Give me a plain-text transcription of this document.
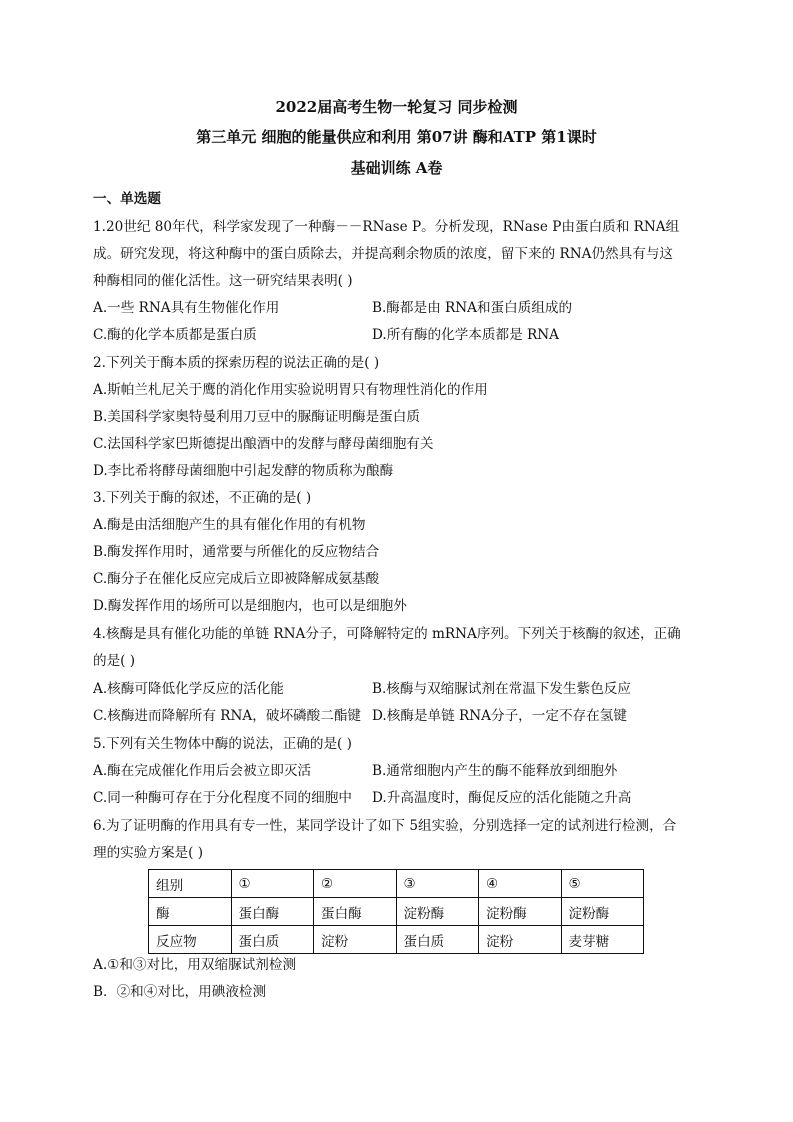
2022届高考生物一轮复习 同步检测
第三单元 细胞的能量供应和利用 第07讲 酶和ATP 第1课时
基础训练 A卷
一、单选题
1.20世纪 80年代，科学家发现了一种酶－－RNase P。分析发现，RNase P由蛋白质和 RNA组
成。研究发现，将这种酶中的蛋白质除去，并提高剩余物质的浓度，留下来的 RNA仍然具有与这
种酶相同的催化活性。这一研究结果表明( )
A.一些 RNA具有生物催化作用	B.酶都是由 RNA和蛋白质组成的
C.酶的化学本质都是蛋白质	D.所有酶的化学本质都是 RNA
2.下列关于酶本质的探索历程的说法正确的是( )
A.斯帕兰札尼关于鹰的消化作用实验说明胃只有物理性消化的作用
B.美国科学家奥特曼利用刀豆中的脲酶证明酶是蛋白质
C.法国科学家巴斯德提出酿酒中的发酵与酵母菌细胞有关
D.李比希将酵母菌细胞中引起发酵的物质称为酿酶
3.下列关于酶的叙述，不正确的是( )
A.酶是由活细胞产生的具有催化作用的有机物
B.酶发挥作用时，通常要与所催化的反应物结合
C.酶分子在催化反应完成后立即被降解成氨基酸
D.酶发挥作用的场所可以是细胞内，也可以是细胞外
4.核酶是具有催化功能的单链 RNA分子，可降解特定的 mRNA序列。下列关于核酶的叙述，正确
的是( )
A.核酶可降低化学反应的活化能	B.核酶与双缩脲试剂在常温下发生紫色反应
C.核酶进而降解所有 RNA，破坏磷酸二酯键 D.核酶是单链 RNA分子，一定不存在氢键
5.下列有关生物体中酶的说法，正确的是( )
A.酶在完成催化作用后会被立即灭活	B.通常细胞内产生的酶不能释放到细胞外
C.同一种酶可存在于分化程度不同的细胞中 D.升高温度时，酶促反应的活化能随之升高
6.为了证明酶的作用具有专一性，某同学设计了如下 5组实验，分别选择一定的试剂进行检测，合
理的实验方案是( )
组别	①	②	③	④	⑤
酶	蛋白酶	蛋白酶	淀粉酶	淀粉酶	淀粉酶
反应物	蛋白质	淀粉	蛋白质	淀粉	麦芽糖
A.①和③对比，用双缩脲试剂检测
B．②和④对比，用碘液检测
